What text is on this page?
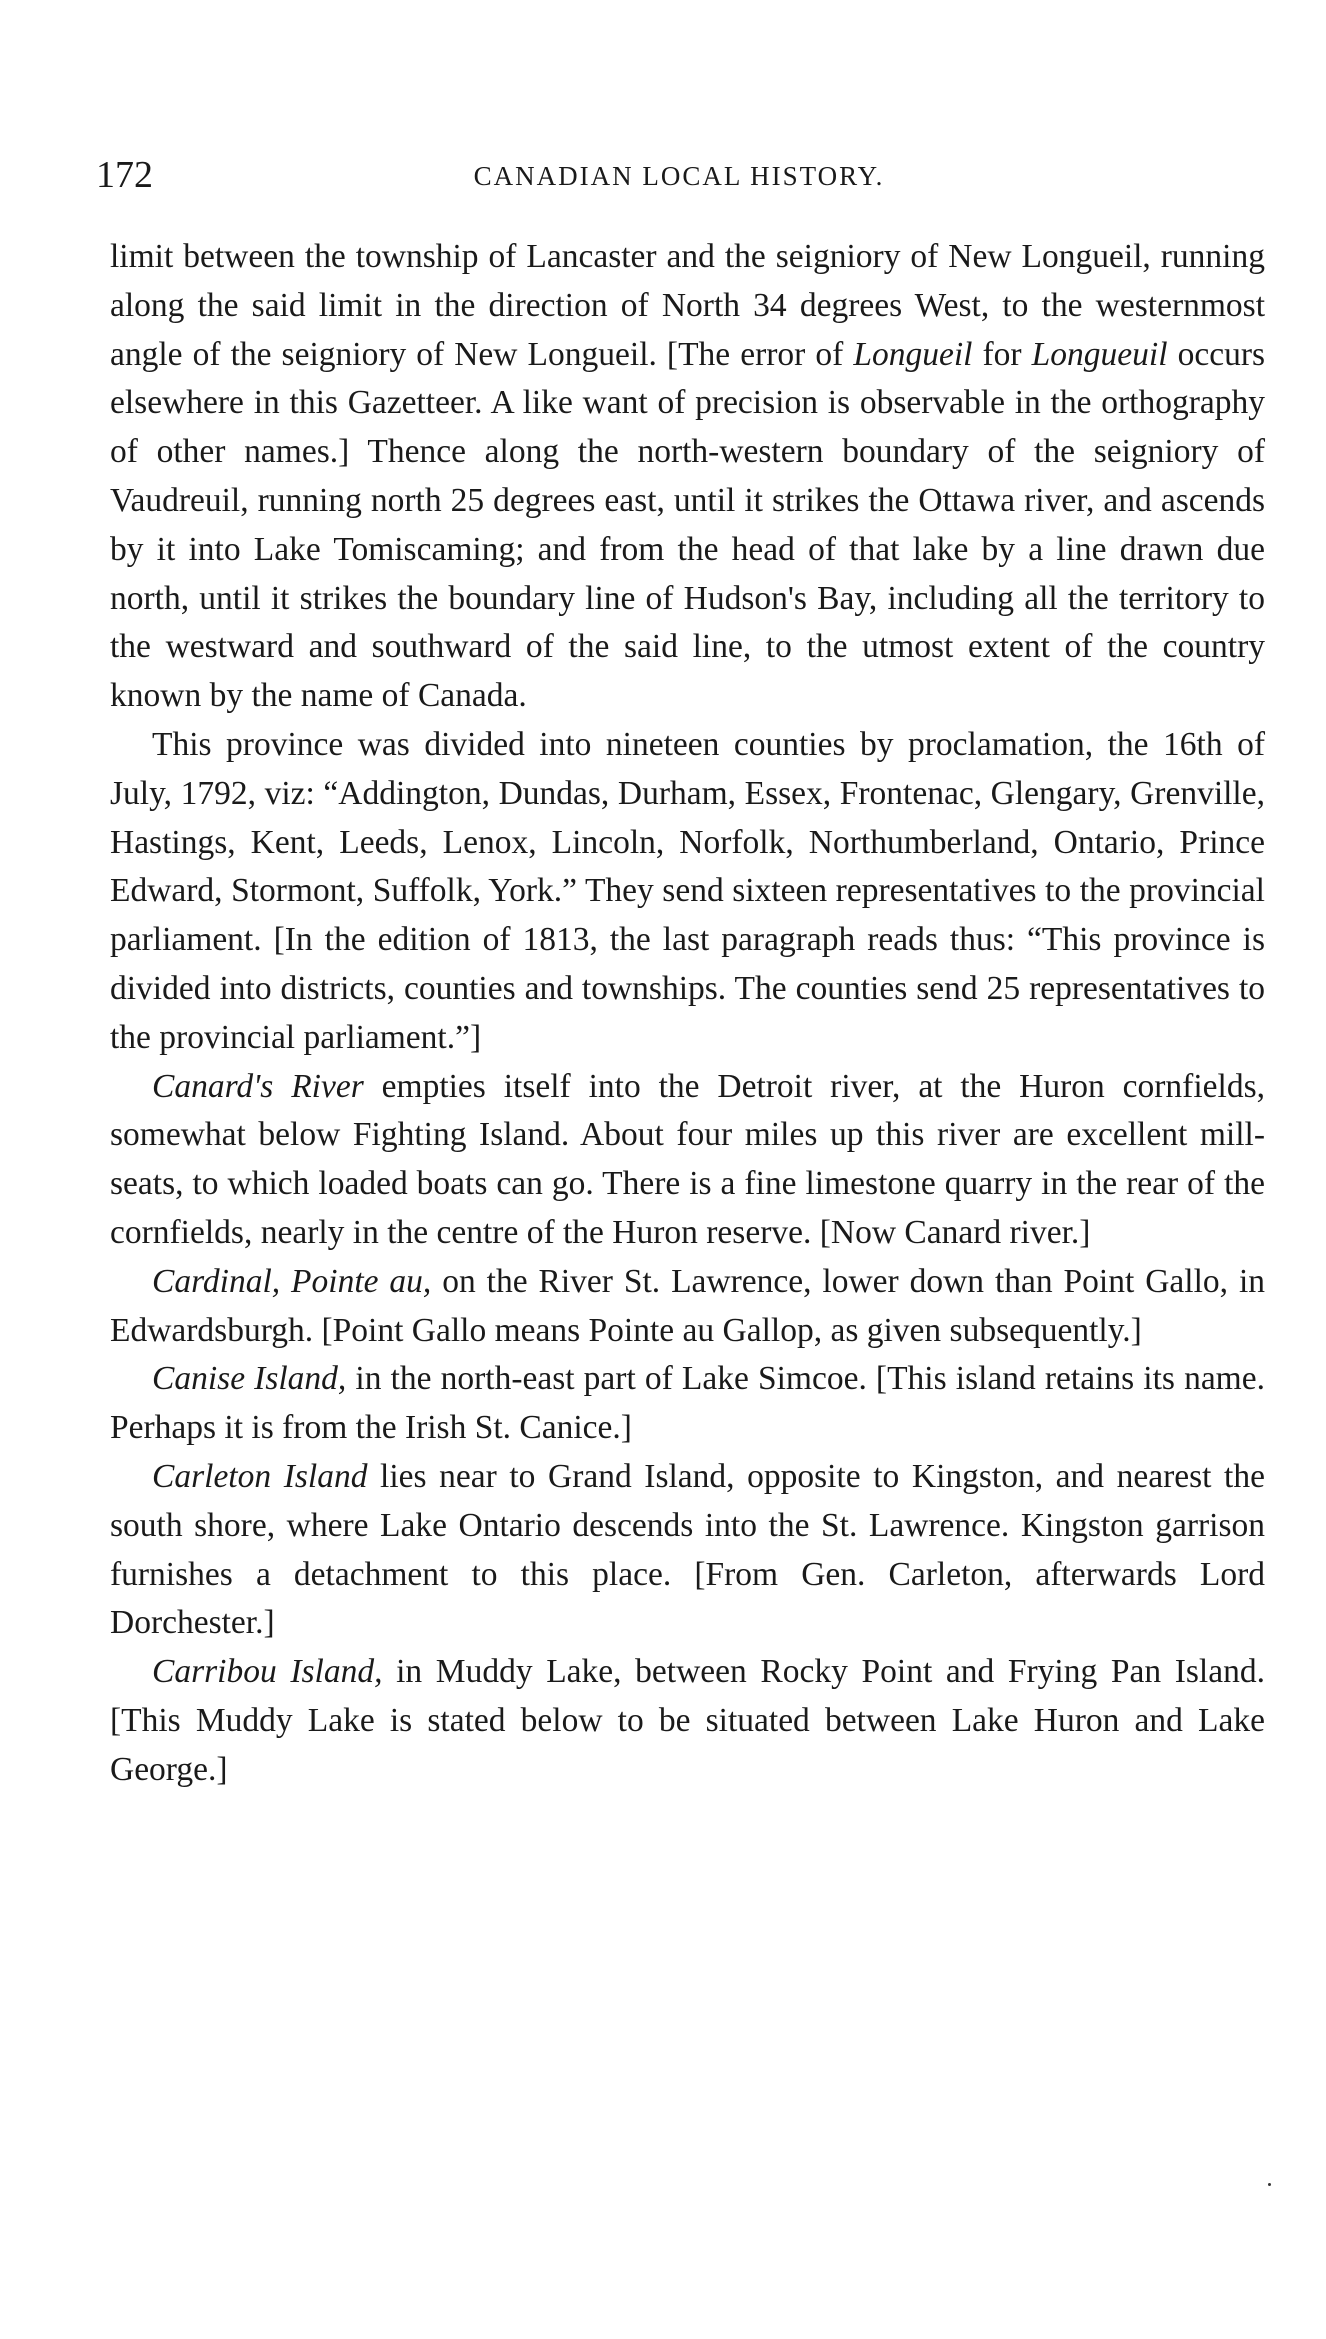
172	CANADIAN LOCAL HISTORY.

limit between the township of Lancaster and the seigniory of New Longueil, running along the said limit in the direction of North 34 degrees West, to the westernmost angle of the seigniory of New Longueil. [The error of Longueil for Longueuil occurs elsewhere in this Gazetteer. A like want of precision is observable in the orthography of other names.] Thence along the north-western boundary of the seigniory of Vaudreuil, running north 25 degrees east, until it strikes the Ottawa river, and ascends by it into Lake Tomiscaming; and from the head of that lake by a line drawn due north, until it strikes the boundary line of Hudson's Bay, including all the territory to the westward and southward of the said line, to the utmost extent of the country known by the name of Canada.

This province was divided into nineteen counties by proclamation, the 16th of July, 1792, viz: “Addington, Dundas, Durham, Essex, Frontenac, Glengary, Grenville, Hastings, Kent, Leeds, Lenox, Lincoln, Norfolk, Northumberland, Ontario, Prince Edward, Stormont, Suffolk, York.” They send sixteen representatives to the provincial parliament. [In the edition of 1813, the last paragraph reads thus: “This province is divided into districts, counties and townships. The counties send 25 representatives to the provincial parliament.”]

Canard's River empties itself into the Detroit river, at the Huron cornfields, somewhat below Fighting Island. About four miles up this river are excellent mill-seats, to which loaded boats can go. There is a fine limestone quarry in the rear of the cornfields, nearly in the centre of the Huron reserve. [Now Canard river.]

Cardinal, Pointe au, on the River St. Lawrence, lower down than Point Gallo, in Edwardsburgh. [Point Gallo means Pointe au Gallop, as given subsequently.]

Canise Island, in the north-east part of Lake Simcoe. [This island retains its name. Perhaps it is from the Irish St. Canice.]

Carleton Island lies near to Grand Island, opposite to Kingston, and nearest the south shore, where Lake Ontario descends into the St. Lawrence. Kingston garrison furnishes a detachment to this place. [From Gen. Carleton, afterwards Lord Dorchester.]

Carribou Island, in Muddy Lake, between Rocky Point and Frying Pan Island. [This Muddy Lake is stated below to be situated between Lake Huron and Lake George.]
